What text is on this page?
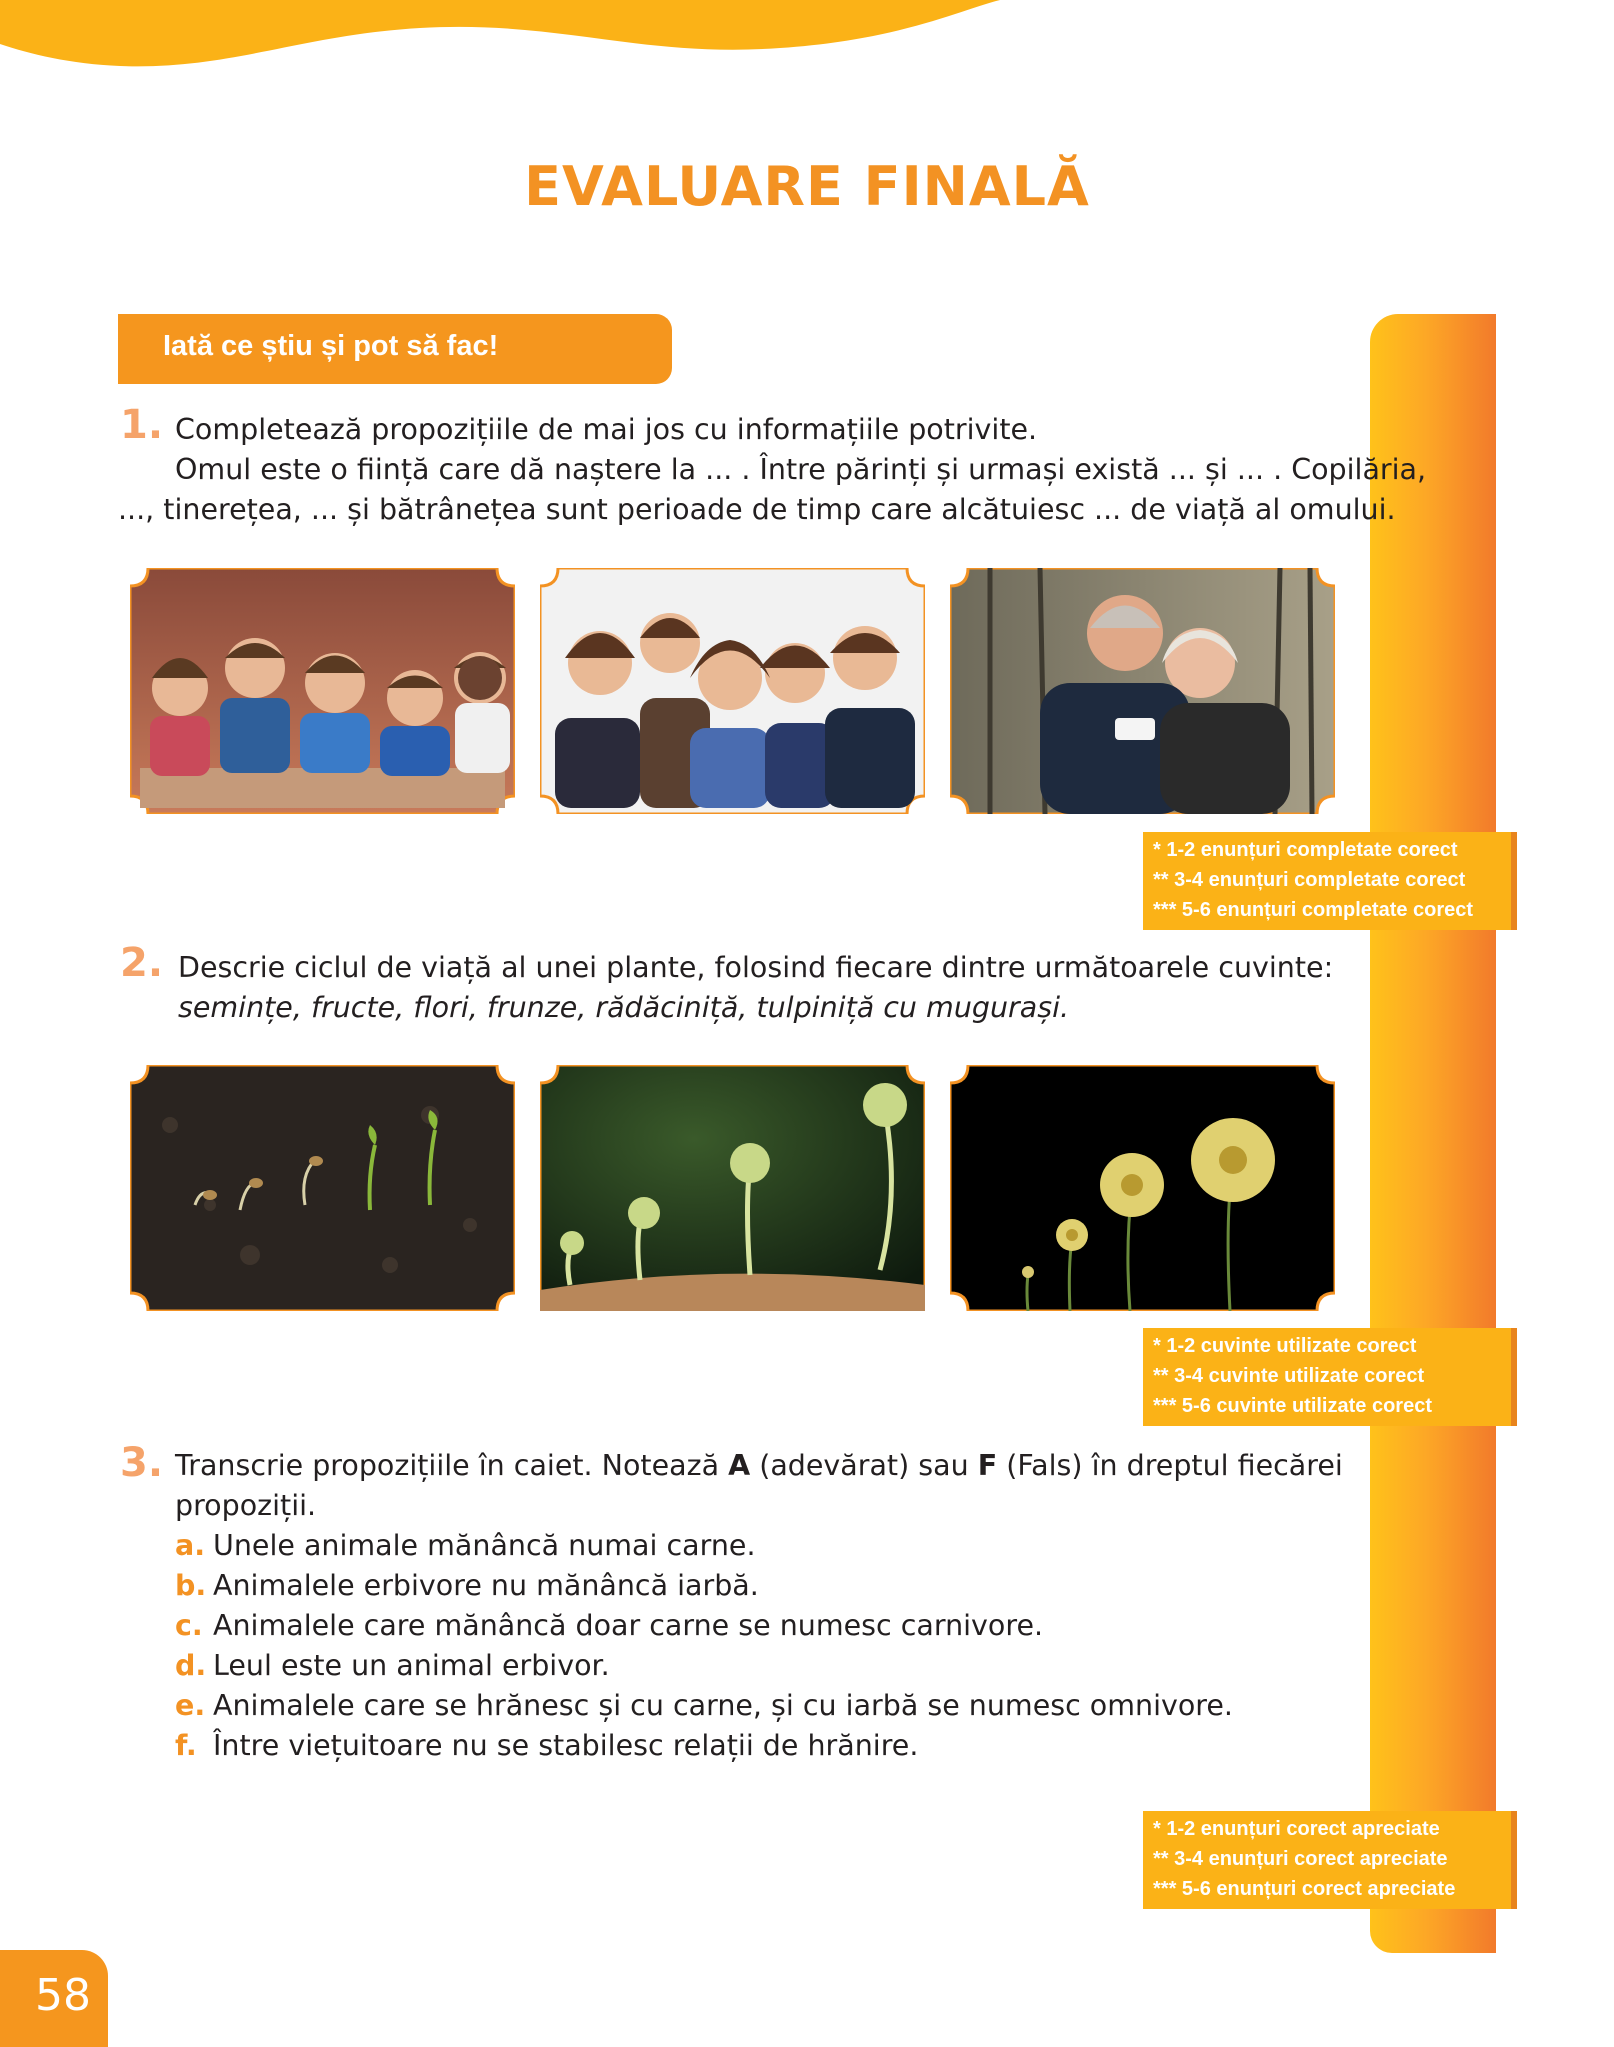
EVALUARE FINALĂ
Iată ce știu și pot să fac!
1. Completează propozițiile de mai jos cu informațiile potrivite.
Omul este o ființă care dă naștere la ... . Între părinți și urmași există ... și ... . Copilăria,
..., tinerețea, ... și bătrânețea sunt perioade de timp care alcătuiesc ... de viață al omului.
* 1-2 enunțuri completate corect
** 3-4 enunțuri completate corect
*** 5-6 enunțuri completate corect
2. Descrie ciclul de viață al unei plante, folosind fiecare dintre următoarele cuvinte:
semințe, fructe, flori, frunze, rădăciniță, tulpiniță cu mugurași.
* 1-2 cuvinte utilizate corect
** 3-4 cuvinte utilizate corect
*** 5-6 cuvinte utilizate corect
3. Transcrie propozițiile în caiet. Notează A (adevărat) sau F (Fals) în dreptul fiecărei
propoziții.
a. Unele animale mănâncă numai carne.
b. Animalele erbivore nu mănâncă iarbă.
c. Animalele care mănâncă doar carne se numesc carnivore.
d. Leul este un animal erbivor.
e. Animalele care se hrănesc și cu carne, și cu iarbă se numesc omnivore.
f. Între viețuitoare nu se stabilesc relații de hrănire.
* 1-2 enunțuri corect apreciate
** 3-4 enunțuri corect apreciate
*** 5-6 enunțuri corect apreciate
58
